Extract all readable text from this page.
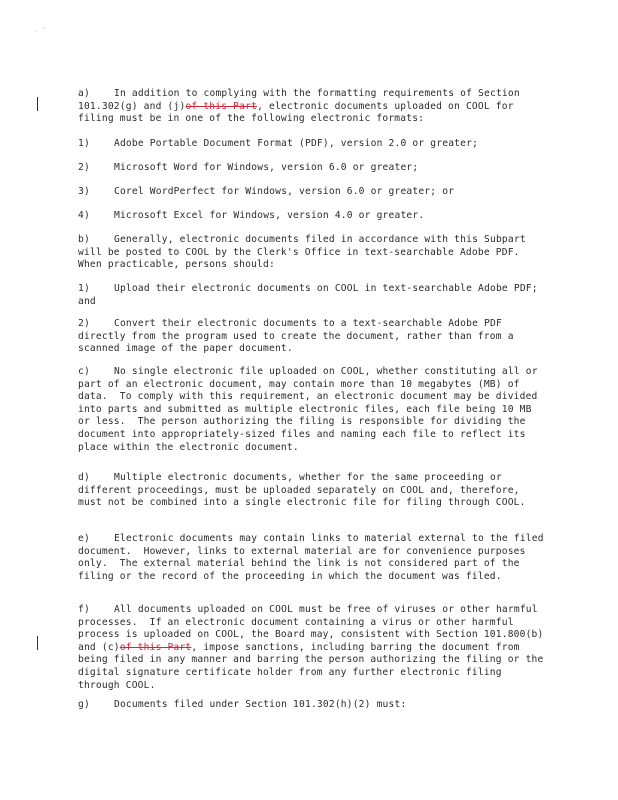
. "
a)	In addition to complying with the formatting requirements of Section 101.302(g) and (j)of this Part, electronic documents uploaded on COOL for filing must be in one of the following electronic formats:
1)	Adobe Portable Document Format (PDF), version 2.0 or greater;
2)	Microsoft Word for Windows, version 6.0 or greater;
3)	Corel WordPerfect for Windows, version 6.0 or greater; or
4)	Microsoft Excel for Windows, version 4.0 or greater.
b)	Generally, electronic documents filed in accordance with this Subpart will be posted to COOL by the Clerk's Office in text-searchable Adobe PDF.  When practicable, persons should:
1)	Upload their electronic documents on COOL in text-searchable Adobe PDF; and
2)	Convert their electronic documents to a text-searchable Adobe PDF directly from the program used to create the document, rather than from a scanned image of the paper document.
c)	No single electronic file uploaded on COOL, whether constituting all or part of an electronic document, may contain more than 10 megabytes (MB) of data.  To comply with this requirement, an electronic document may be divided into parts and submitted as multiple electronic files, each file being 10 MB or less.  The person authorizing the filing is responsible for dividing the document into appropriately-sized files and naming each file to reflect its place within the electronic document.
d)	Multiple electronic documents, whether for the same proceeding or different proceedings, must be uploaded separately on COOL and, therefore, must not be combined into a single electronic file for filing through COOL.
e)	Electronic documents may contain links to material external to the filed document.  However, links to external material are for convenience purposes only.  The external material behind the link is not considered part of the filing or the record of the proceeding in which the document was filed.
f)	All documents uploaded on COOL must be free of viruses or other harmful processes.  If an electronic document containing a virus or other harmful process is uploaded on COOL, the Board may, consistent with Section 101.800(b) and (c)of this Part, impose sanctions, including barring the document from being filed in any manner and barring the person authorizing the filing or the digital signature certificate holder from any further electronic filing through COOL.
g)	Documents filed under Section 101.302(h)(2) must:
